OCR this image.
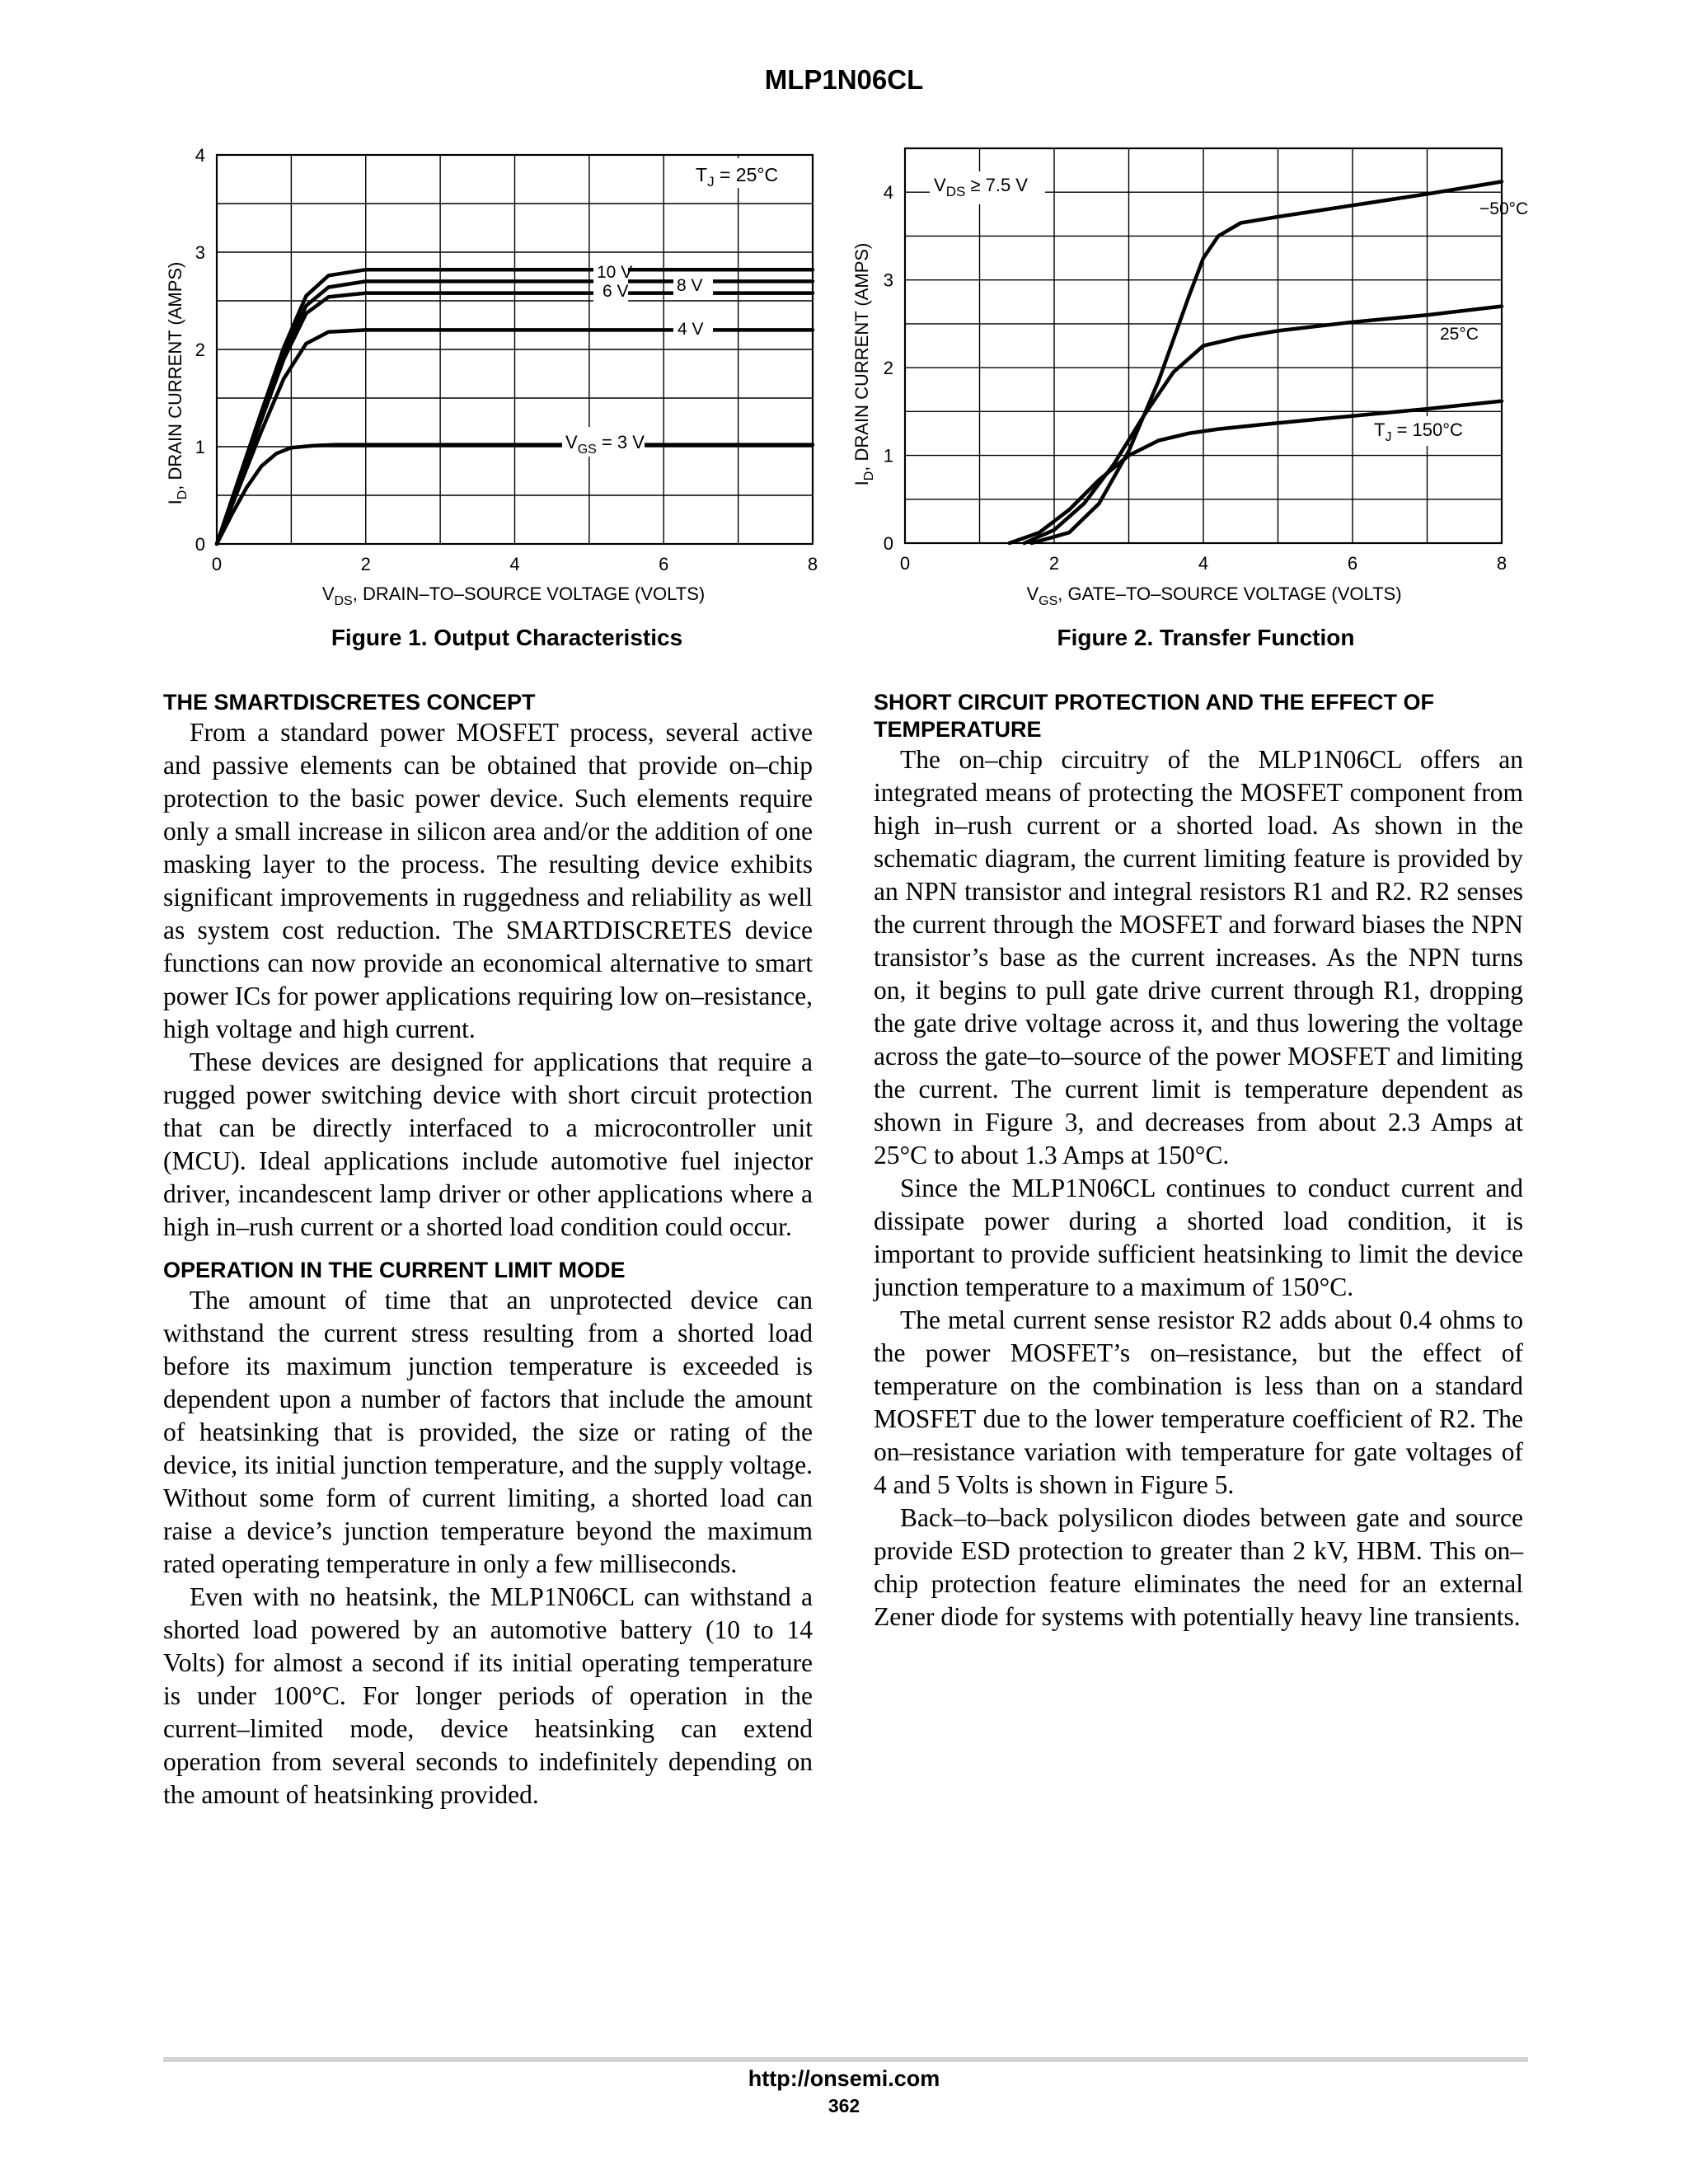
MLP1N06CL
0	2	4	6	8
0
1
2
3
4
$T_J = 25^\circ C$
10 V
6 V	8 V
4 V
$V_{GS} = 3$ V
$V_{DS}$, DRAIN–TO–SOURCE VOLTAGE (VOLTS)
$I_D$, DRAIN CURRENT (AMPS)
0	2	4	6	8
0
1
2
3
4 $V_{DS} \ge 7.5$ V
−50°C
25°C
$T_J = 150^\circ C$
$V_{GS}$, GATE–TO–SOURCE VOLTAGE (VOLTS)
$I_D$, DRAIN CURRENT (AMPS)
Figure 1. Output Characteristics	Figure 2. Transfer Function
THE SMARTDISCRETES CONCEPT

From a standard power MOSFET process, several active and passive elements can be obtained that provide on–chip protection to the basic power device. Such elements require only a small increase in silicon area and/or the addition of one masking layer to the process. The resulting device exhibits significant improvements in ruggedness and reliability as well as system cost reduction. The SMARTDISCRETES device functions can now provide an economical alternative to smart power ICs for power applications requiring low on–resistance, high voltage and high current.

These devices are designed for applications that require a rugged power switching device with short circuit protection that can be directly interfaced to a microcontroller unit (MCU). Ideal applications include automotive fuel injector driver, incandescent lamp driver or other applications where a high in–rush current or a shorted load condition could occur.

OPERATION IN THE CURRENT LIMIT MODE

The amount of time that an unprotected device can withstand the current stress resulting from a shorted load before its maximum junction temperature is exceeded is dependent upon a number of factors that include the amount of heatsinking that is provided, the size or rating of the device, its initial junction temperature, and the supply voltage. Without some form of current limiting, a shorted load can raise a device’s junction temperature beyond the maximum rated operating temperature in only a few milliseconds.

Even with no heatsink, the MLP1N06CL can withstand a shorted load powered by an automotive battery (10 to 14 Volts) for almost a second if its initial operating temperature is under 100°C. For longer periods of operation in the current–limited mode, device heatsinking can extend operation from several seconds to indefinitely depending on the amount of heatsinking provided.

SHORT CIRCUIT PROTECTION AND THE EFFECT OF TEMPERATURE

The on–chip circuitry of the MLP1N06CL offers an integrated means of protecting the MOSFET component from high in–rush current or a shorted load. As shown in the schematic diagram, the current limiting feature is provided by an NPN transistor and integral resistors R1 and R2. R2 senses the current through the MOSFET and forward biases the NPN transistor’s base as the current increases. As the NPN turns on, it begins to pull gate drive current through R1, dropping the gate drive voltage across it, and thus lowering the voltage across the gate–to–source of the power MOSFET and limiting the current. The current limit is temperature dependent as shown in Figure 3, and decreases from about 2.3 Amps at 25°C to about 1.3 Amps at 150°C.

Since the MLP1N06CL continues to conduct current and dissipate power during a shorted load condition, it is important to provide sufficient heatsinking to limit the device junction temperature to a maximum of 150°C.

The metal current sense resistor R2 adds about 0.4 ohms to the power MOSFET’s on–resistance, but the effect of temperature on the combination is less than on a standard MOSFET due to the lower temperature coefficient of R2. The on–resistance variation with temperature for gate voltages of 4 and 5 Volts is shown in Figure 5.

Back–to–back polysilicon diodes between gate and source provide ESD protection to greater than 2 kV, HBM. This on–chip protection feature eliminates the need for an external Zener diode for systems with potentially heavy line transients.

http://onsemi.com
362
